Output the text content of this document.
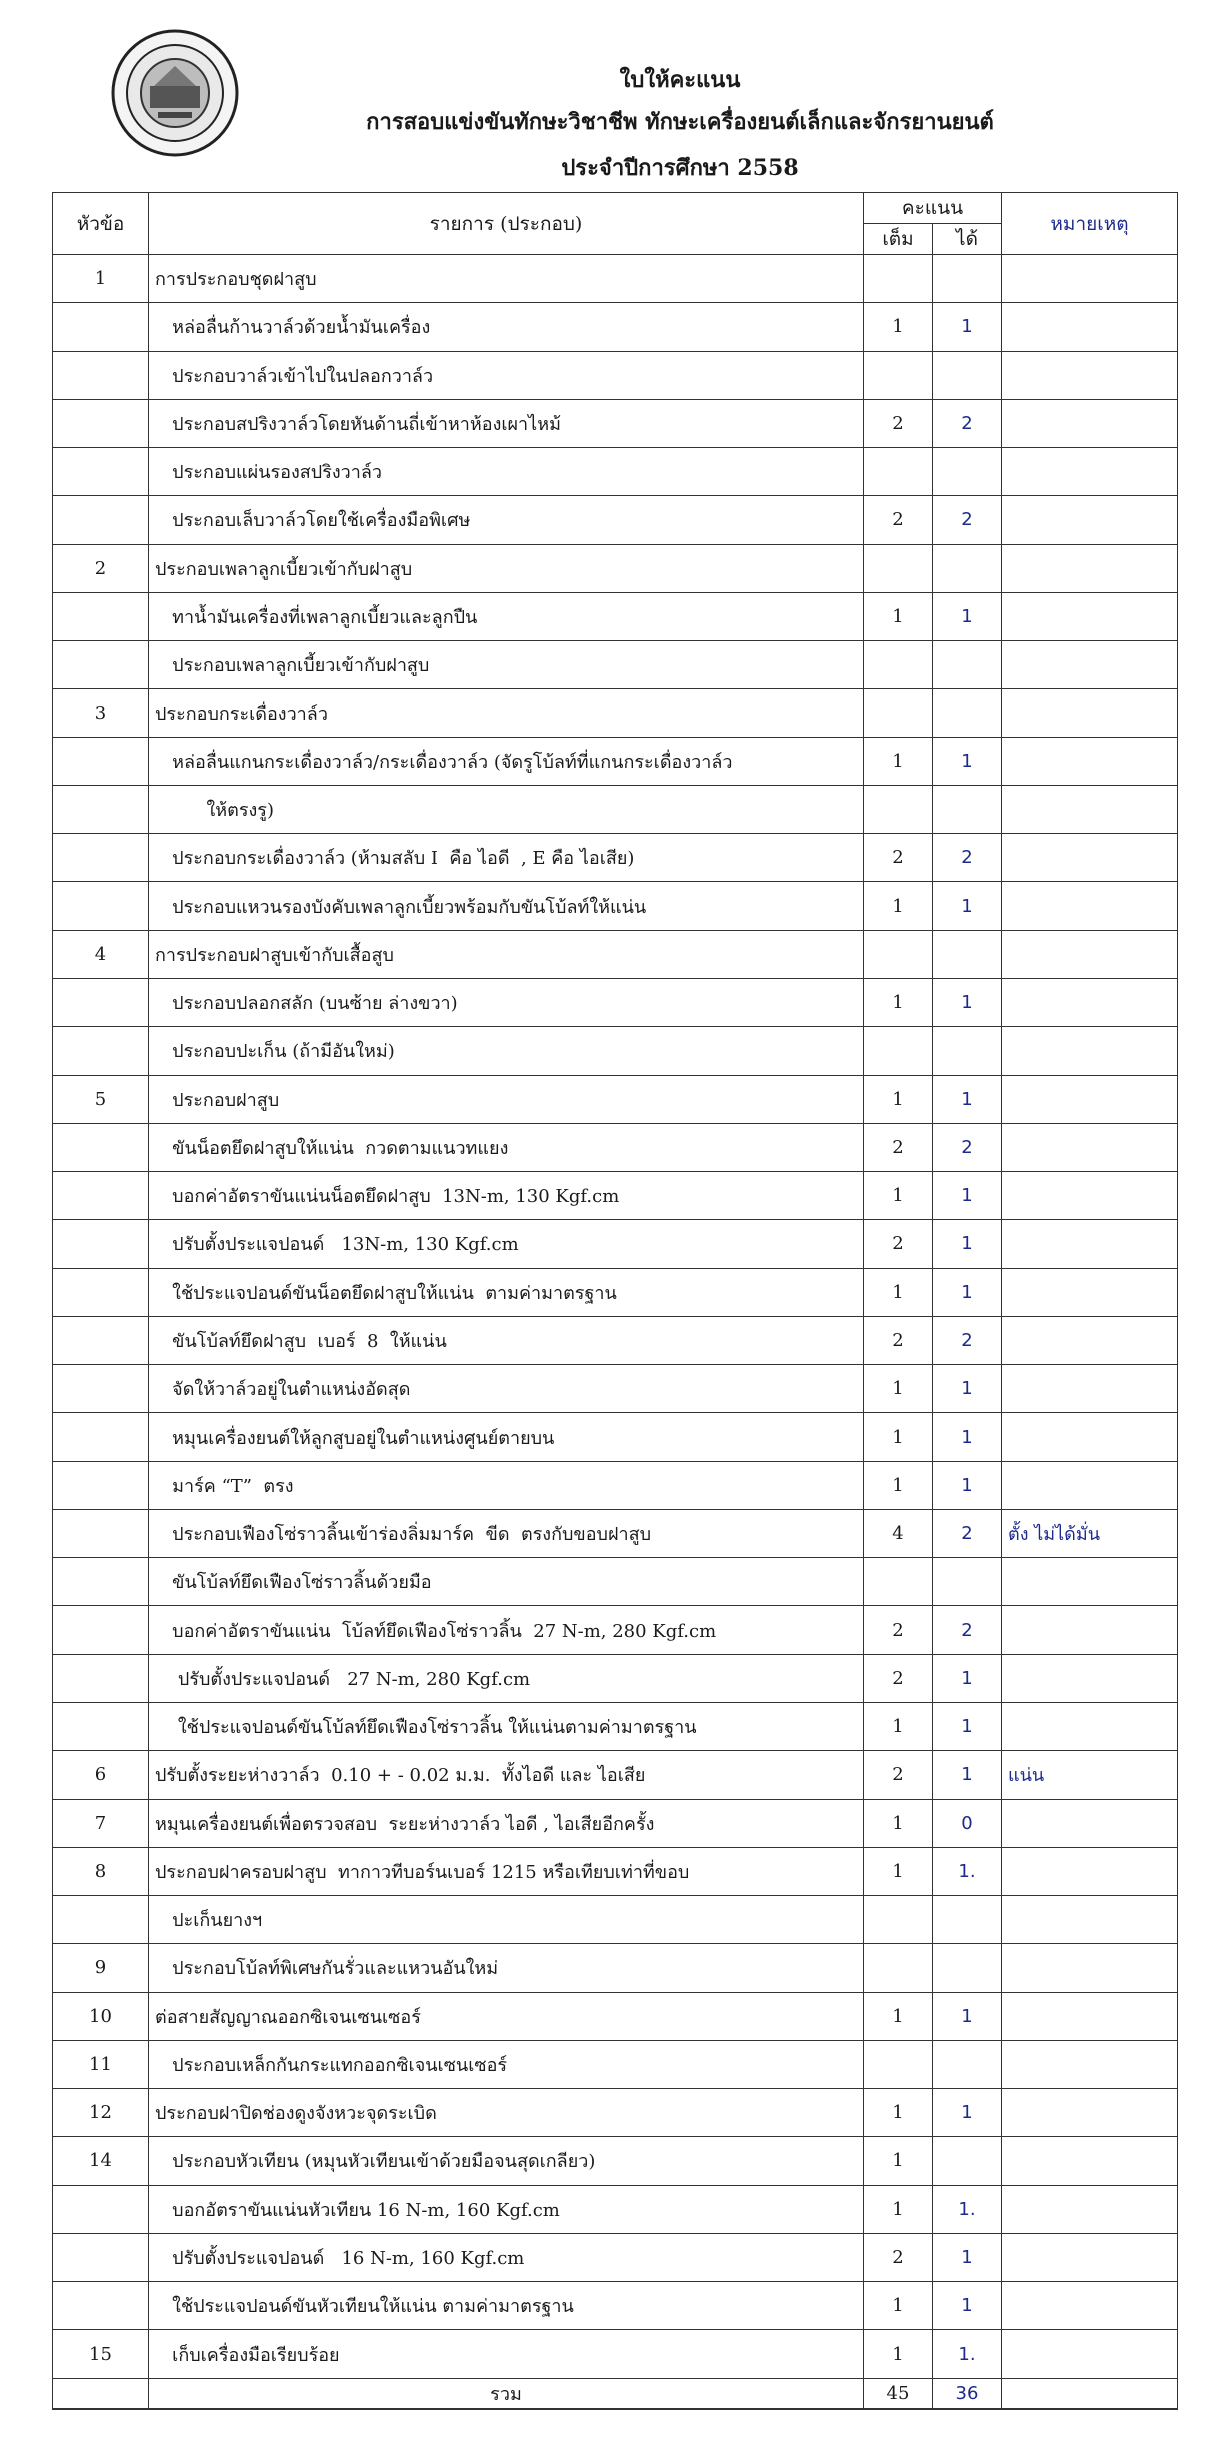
ใบให้คะแนน
การสอบแข่งขันทักษะวิชาชีพ ทักษะเครื่องยนต์เล็กและจักรยานยนต์
ประจำปีการศึกษา 2558
หัวข้อ	รายการ (ประกอบ)	คะแนน		หมายเหตุ
		เต็ม	ได้	
1	การประกอบชุดฝาสูบ			
	หล่อลื่นก้านวาล์วด้วยน้ำมันเครื่อง	1	1	
	ประกอบวาล์วเข้าไปในปลอกวาล์ว			
	ประกอบสปริงวาล์วโดยหันด้านถี่เข้าหาห้องเผาไหม้	2	2	
	ประกอบแผ่นรองสปริงวาล์ว			
	ประกอบเล็บวาล์วโดยใช้เครื่องมือพิเศษ	2	2	
2	ประกอบเพลาลูกเบี้ยวเข้ากับฝาสูบ			
	ทาน้ำมันเครื่องที่เพลาลูกเบี้ยวและลูกปืน	1	1	
	ประกอบเพลาลูกเบี้ยวเข้ากับฝาสูบ			
3	ประกอบกระเดื่องวาล์ว			
	หล่อลื่นแกนกระเดื่องวาล์ว/กระเดื่องวาล์ว (จัดรูโบ้ลท์ที่แกนกระเดื่องวาล์ว	1	1	
	ให้ตรงรู)			
	ประกอบกระเดื่องวาล์ว (ห้ามสลับ I  คือ ไอดี  , E คือ ไอเสีย)	2	2	
	ประกอบแหวนรองบังคับเพลาลูกเบี้ยวพร้อมกับขันโบ้ลท์ให้แน่น	1	1	
4	การประกอบฝาสูบเข้ากับเสื้อสูบ			
	ประกอบปลอกสลัก (บนซ้าย ล่างขวา)	1	1	
	ประกอบปะเก็น (ถ้ามีอันใหม่)			
5	ประกอบฝาสูบ	1	1	
	ขันน็อตยึดฝาสูบให้แน่น  กวดตามแนวทแยง	2	2	
	บอกค่าอัตราขันแน่นน็อตยึดฝาสูบ  13N-m, 130 Kgf.cm	1	1	
	ปรับตั้งประแจปอนด์   13N-m, 130 Kgf.cm	2	1	
	ใช้ประแจปอนด์ขันน็อตยึดฝาสูบให้แน่น  ตามค่ามาตรฐาน	1	1	
	ขันโบ้ลท์ยึดฝาสูบ  เบอร์  8  ให้แน่น	2	2	
	จัดให้วาล์วอยู่ในตำแหน่งอัดสุด	1	1	
	หมุนเครื่องยนต์ให้ลูกสูบอยู่ในตำแหน่งศูนย์ตายบน	1	1	
	มาร์ค “T”  ตรง	1	1	
	ประกอบเฟืองโซ่ราวลิ้นเข้าร่องลิ่มมาร์ค  ขีด  ตรงกับขอบฝาสูบ	4	2	ตั้ง ไม่ได้มั่น
	ขันโบ้ลท์ยึดเฟืองโซ่ราวลิ้นด้วยมือ			
	บอกค่าอัตราขันแน่น  โบ้ลท์ยึดเฟืองโซ่ราวลิ้น  27 N-m, 280 Kgf.cm	2	2	
	ปรับตั้งประแจปอนด์   27 N-m, 280 Kgf.cm	2	1	
	ใช้ประแจปอนด์ขันโบ้ลท์ยึดเฟืองโซ่ราวลิ้น ให้แน่นตามค่ามาตรฐาน	1	1	
6	ปรับตั้งระยะห่างวาล์ว  0.10 + - 0.02 ม.ม.  ทั้งไอดี และ ไอเสีย	2	1	แน่น
7	หมุนเครื่องยนต์เพื่อตรวจสอบ  ระยะห่างวาล์ว ไอดี , ไอเสียอีกครั้ง	1	0	
8	ประกอบฝาครอบฝาสูบ  ทากาวทีบอร์นเบอร์ 1215 หรือเทียบเท่าที่ขอบ	1	1.	
	ปะเก็นยางฯ			
9	ประกอบโบ้ลท์พิเศษกันรั่วและแหวนอันใหม่			
10	ต่อสายสัญญาณออกซิเจนเซนเซอร์	1	1	
11	ประกอบเหล็กกันกระแทกออกซิเจนเซนเซอร์			
12	ประกอบฝาปิดช่องดูงจังหวะจุดระเบิด	1	1	
14	ประกอบหัวเทียน (หมุนหัวเทียนเข้าด้วยมือจนสุดเกลียว)	1		
	บอกอัตราขันแน่นหัวเทียน 16 N-m, 160 Kgf.cm	1	1.	
	ปรับตั้งประแจปอนด์   16 N-m, 160 Kgf.cm	2	1	
	ใช้ประแจปอนด์ขันหัวเทียนให้แน่น ตามค่ามาตรฐาน	1	1	
15	เก็บเครื่องมือเรียบร้อย	1	1.	
	รวม	45	36	
